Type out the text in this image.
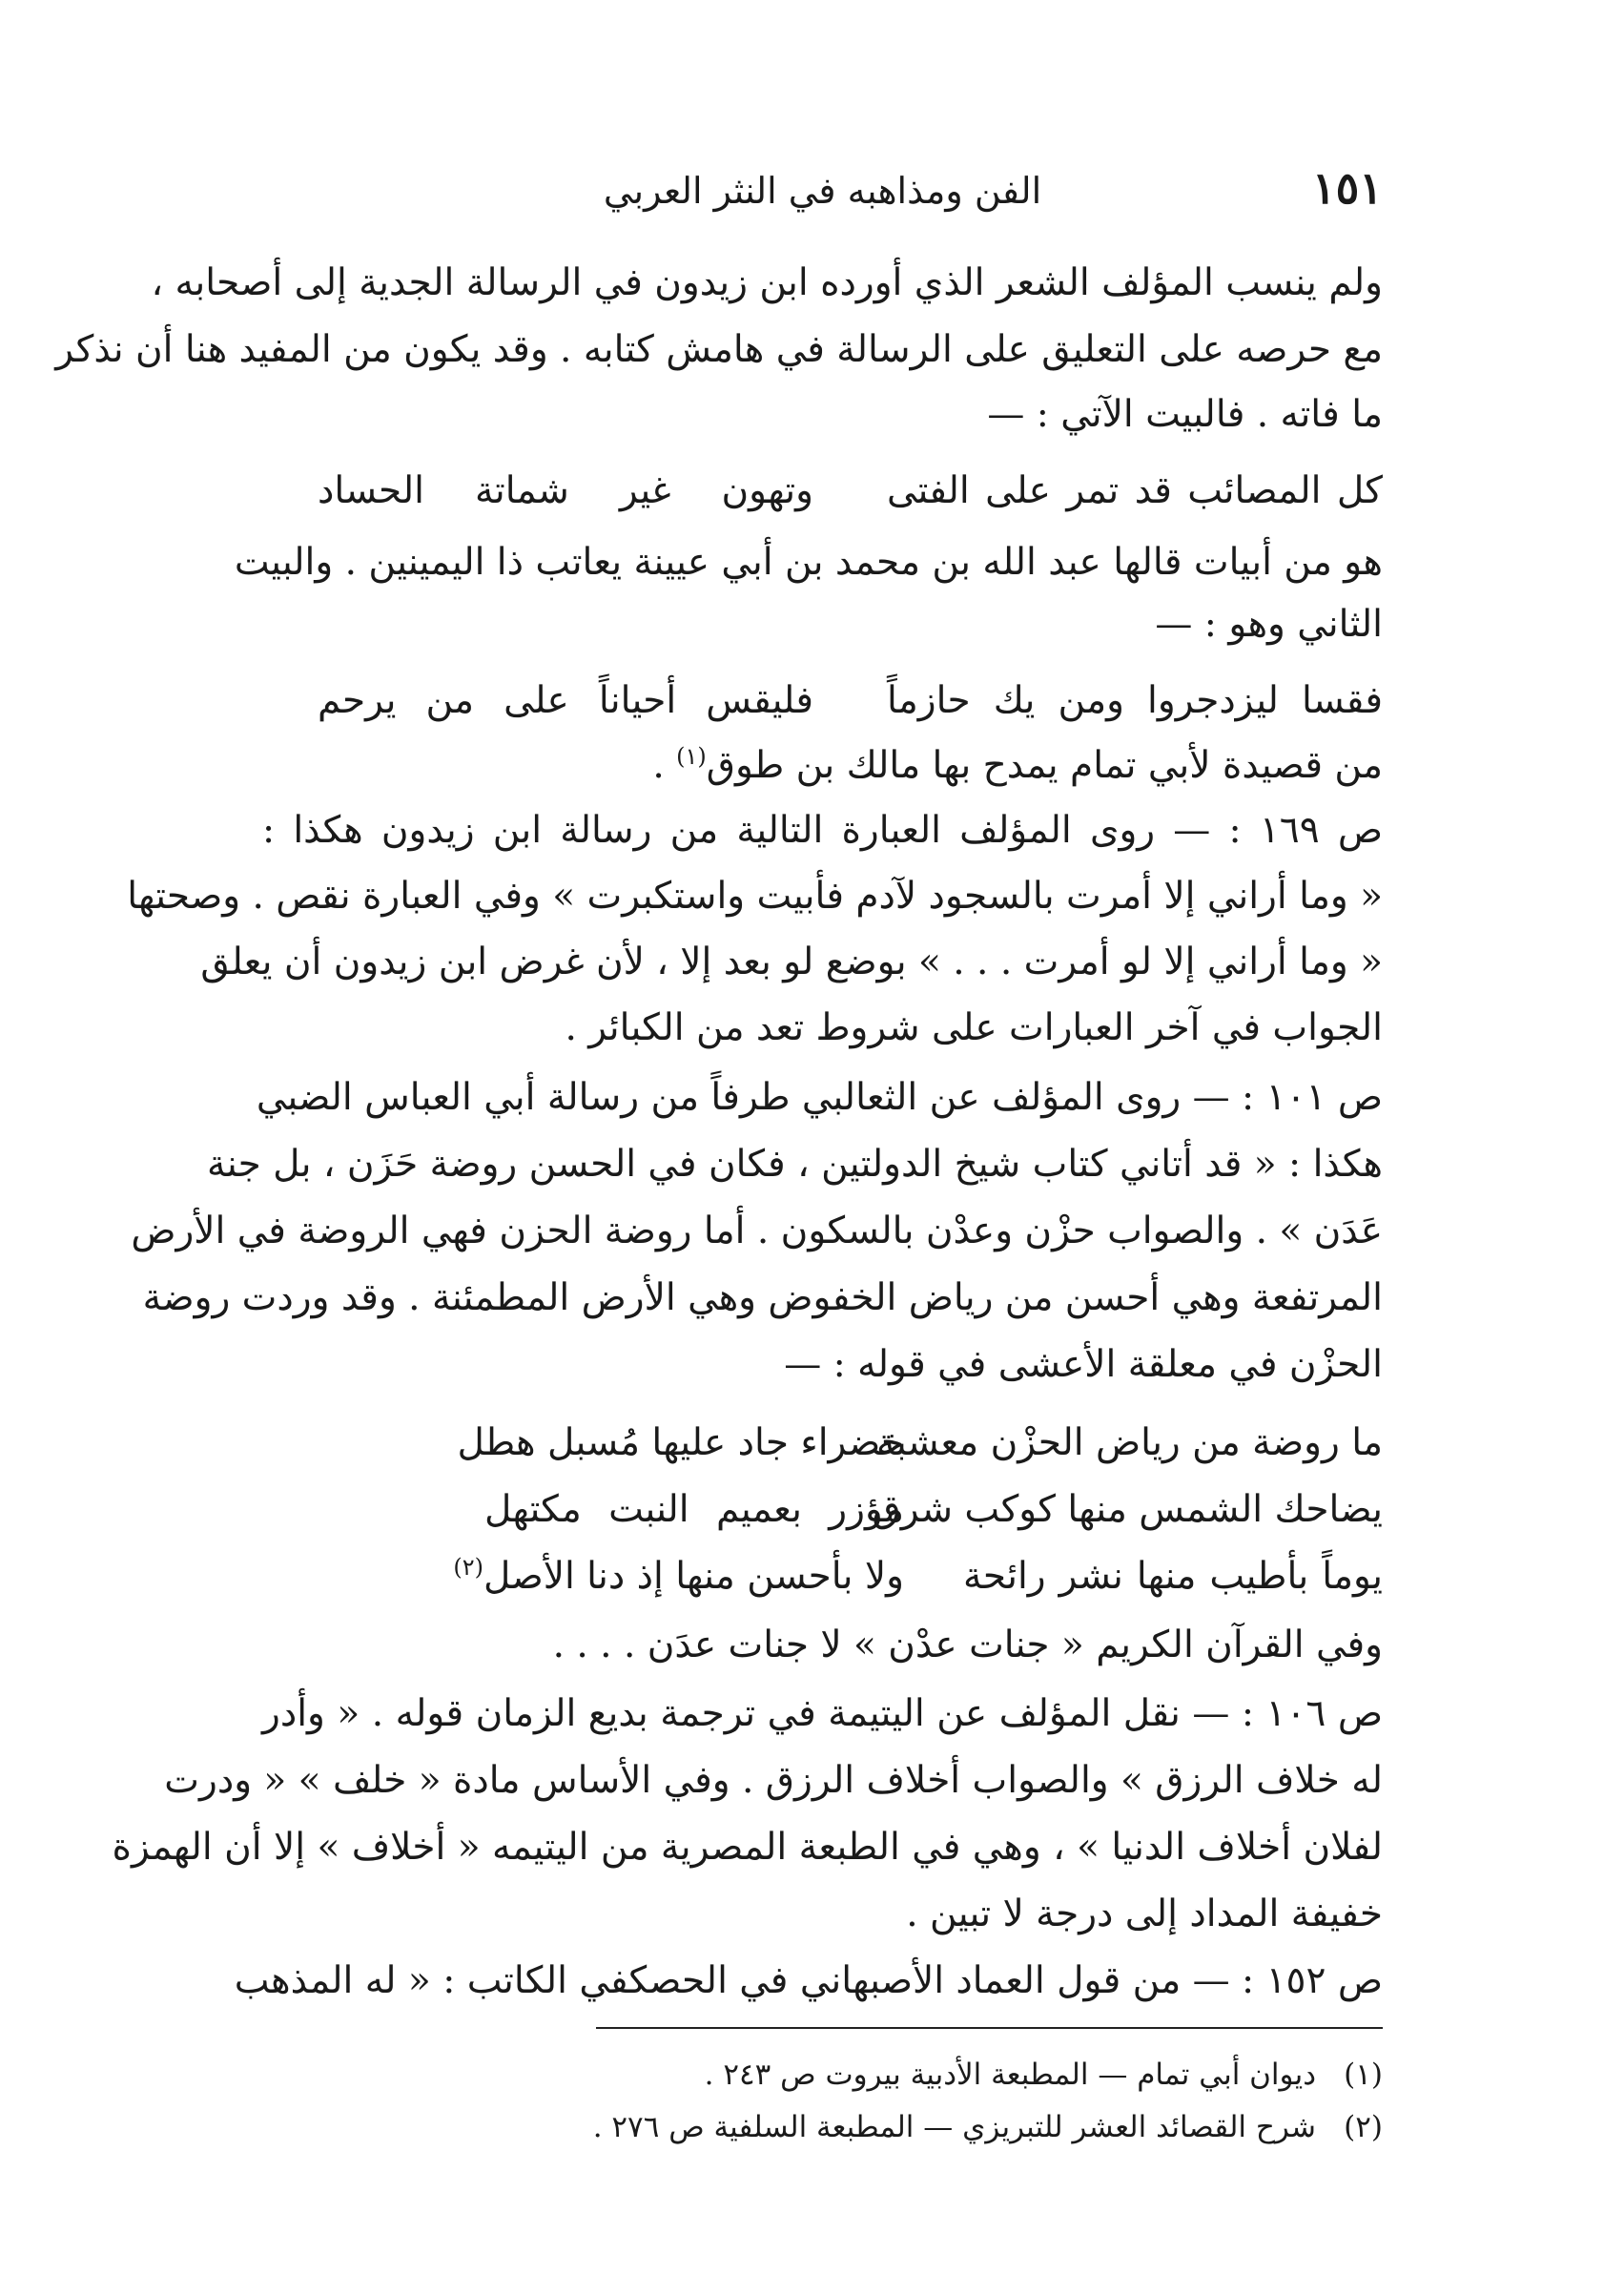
١٥١
الفن ومذاهبه في النثر العربي
ولم ينسب المؤلف الشعر الذي أورده ابن زيدون في الرسالة الجدية إلى أصحابه ،
مع حرصه على التعليق على الرسالة في هامش كتابه . وقد يكون من المفيد هنا أن نذكر
ما فاته . فالبيت الآتي : —
كل المصائب قد تمر على الفتى
وتهون غير شماتة الحساد
هو من أبيات قالها عبد الله بن محمد بن أبي عيينة يعاتب ذا اليمينين . والبيت
الثاني وهو : —
فقسا ليزدجروا ومن يك حازماً
فليقس أحياناً على من يرحم
من قصيدة لأبي تمام يمدح بها مالك بن طوق$^{(١)}$ .
ص ١٦٩ : — روى المؤلف العبارة التالية من رسالة ابن زيدون هكذا :
« وما أراني إلا أمرت بالسجود لآدم فأبيت واستكبرت » وفي العبارة نقص . وصحتها
« وما أراني إلا لو أمرت . . . » بوضع لو بعد إلا ، لأن غرض ابن زيدون أن يعلق
الجواب في آخر العبارات على شروط تعد من الكبائر .
ص ١٠١ : — روى المؤلف عن الثعالبي طرفاً من رسالة أبي العباس الضبي
هكذا : « قد أتاني كتاب شيخ الدولتين ، فكان في الحسن روضة حَزَن ، بل جنة
عَدَن » . والصواب حزْن وعدْن بالسكون . أما روضة الحزن فهي الروضة في الأرض
المرتفعة وهي أحسن من رياض الخفوض وهي الأرض المطمئنة . وقد وردت روضة
الحزْن في معلقة الأعشى في قوله : —
ما روضة من رياض الحزْن معشبة
خضراء جاد عليها مُسبل هطل
يضاحك الشمس منها كوكب شرق
مؤزر بعميم النبت مكتهل
يوماً بأطيب منها نشر رائحة
ولا بأحسن منها إذ دنا الأصل$^{(٢)}$
وفي القرآن الكريم « جنات عدْن » لا جنات عدَن . . . .
ص ١٠٦ : — نقل المؤلف عن اليتيمة في ترجمة بديع الزمان قوله . « وأدر
له خلاف الرزق » والصواب أخلاف الرزق . وفي الأساس مادة « خلف » « ودرت
لفلان أخلاف الدنيا » ، وهي في الطبعة المصرية من اليتيمه « أخلاف » إلا أن الهمزة
خفيفة المداد إلى درجة لا تبين .
ص ١٥٢ : — من قول العماد الأصبهاني في الحصكفي الكاتب : « له المذهب
(١)ديوان أبي تمام — المطبعة الأدبية بيروت ص ٢٤٣ .
(٢)شرح القصائد العشر للتبريزي — المطبعة السلفية ص ٢٧٦ .
